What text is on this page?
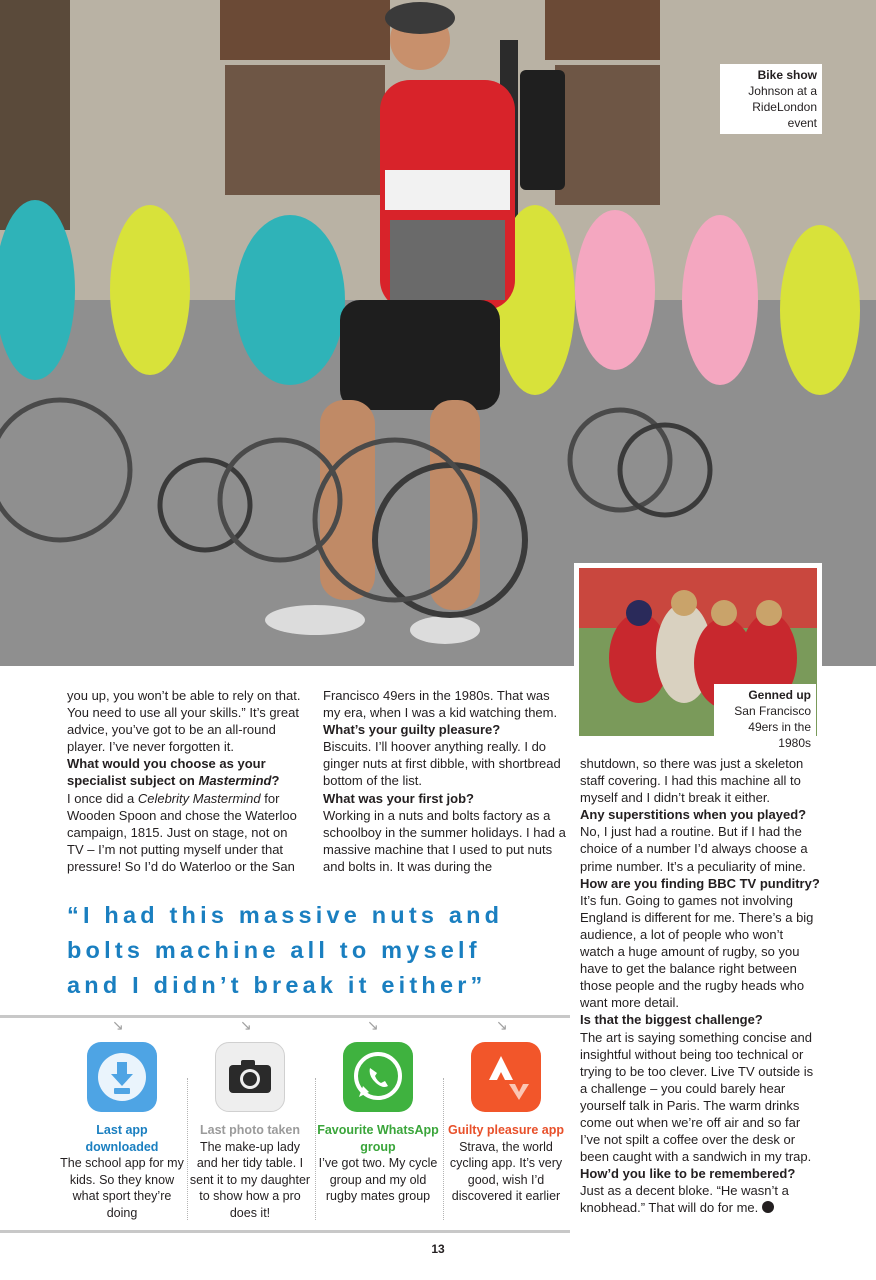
Bike show
Johnson at a RideLondon event
Genned up
San Francisco 49ers in the 1980s

you up, you won’t be able to rely on that. You need to use all your skills.” It’s great advice, you’ve got to be an all-round player. I’ve never forgotten it.

What would you choose as your specialist subject on Mastermind?

I once did a Celebrity Mastermind for Wooden Spoon and chose the Waterloo campaign, 1815. Just on stage, not on TV – I’m not putting myself under that pressure! So I’d do Waterloo or the San

Francisco 49ers in the 1980s. That was my era, when I was a kid watching them.

What’s your guilty pleasure?

Biscuits. I’ll hoover anything really. I do ginger nuts at first dibble, with shortbread bottom of the list.

What was your first job?

Working in a nuts and bolts factory as a schoolboy in the summer holidays. I had a massive machine that I used to put nuts and bolts in. It was during the

shutdown, so there was just a skeleton staff covering. I had this machine all to myself and I didn’t break it either.

Any superstitions when you played?

No, I just had a routine. But if I had the choice of a number I’d always choose a prime number. It’s a peculiarity of mine.

How are you finding BBC TV punditry?

It’s fun. Going to games not involving England is different for me. There’s a big audience, a lot of people who won’t watch a huge amount of rugby, so you have to get the balance right between those people and the rugby heads who want more detail.

Is that the biggest challenge?

The art is saying something concise and insightful without being too technical or trying to be too clever. Live TV outside is a challenge – you could barely hear yourself talk in Paris. The warm drinks come out when we’re off air and so far I’ve not spilt a coffee over the desk or been caught with a sandwich in my trap.

How’d you like to be remembered?

Just as a decent bloke. “He wasn’t a knobhead.” That will do for me.

“I had this massive nuts and

bolts machine all to myself

and I didn’t break it either”

↘	↘	↘	↘

Last app downloaded

The school app for my kids. So they know what sport they’re doing

Last photo taken

The make-up lady and her tidy table. I sent it to my daughter to show how a pro does it!

Favourite WhatsApp group

I’ve got two. My cycle group and my old rugby mates group

Guilty pleasure app

Strava, the world cycling app. It’s very good, wish I’d discovered it earlier

13
